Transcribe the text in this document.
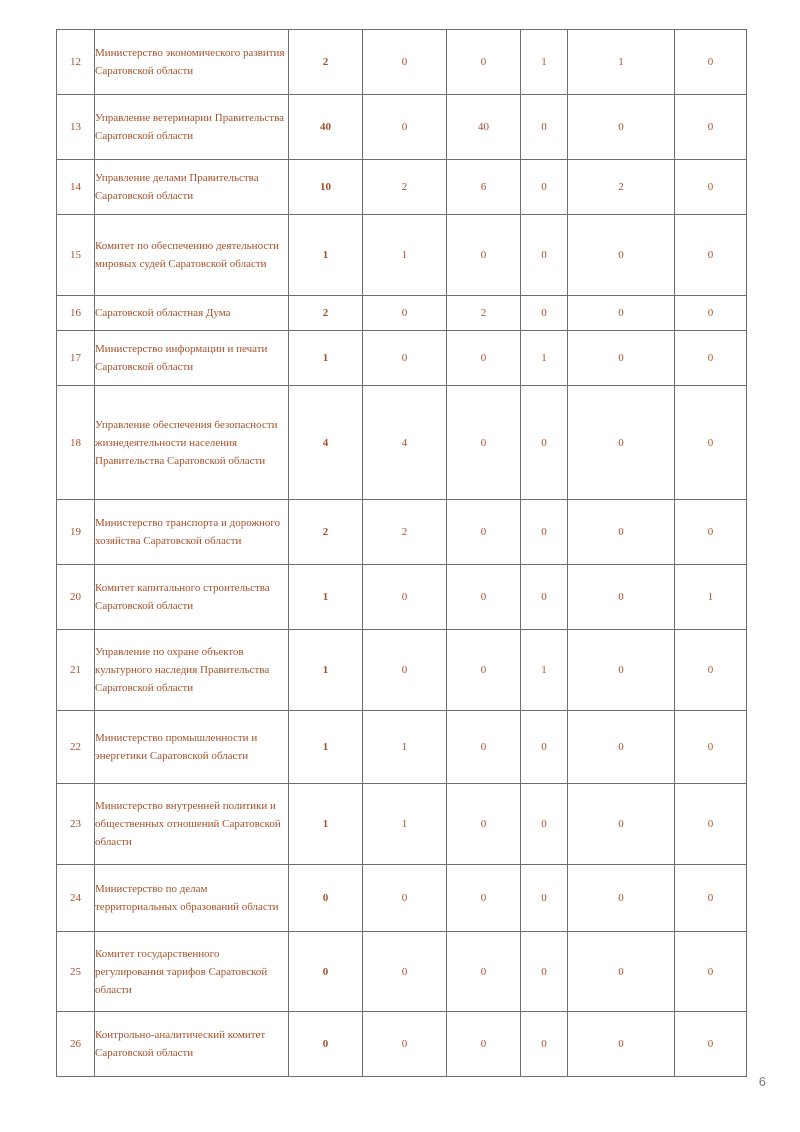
12	Министерство экономического развития Саратовской области	2	0	0	1	1	0
13	Управление ветеринарии Правительства Саратовской области	40	0	40	0	0	0
14	Управление делами Правительства Саратовской области	10	2	6	0	2	0
15	Комитет по обеспечению деятельности мировых судей Саратовской области	1	1	0	0	0	0
16	Саратовской областная Дума	2	0	2	0	0	0
17	Министерство информации и печати Саратовской области	1	0	0	1	0	0
18	Управление обеспечения безопасности жизнедеятельности населения Правительства Саратовской области	4	4	0	0	0	0
19	Министерство транспорта и дорожного хозяйства Саратовской области	2	2	0	0	0	0
20	Комитет капитального строительства Саратовской области	1	0	0	0	0	1
21	Управление по охране объектов культурного наследия Правительства Саратовской области	1	0	0	1	0	0
22	Министерство промышленности и энергетики Саратовской области	1	1	0	0	0	0
23	Министерство внутренней политики и общественных отношений Саратовской области	1	1	0	0	0	0
24	Министерство по делам территориальных образований области	0	0	0	0	0	0
25	Комитет государственного регулирования тарифов Саратовской области	0	0	0	0	0	0
26	Контрольно-аналитический комитет Саратовской области	0	0	0	0	0	0
6
